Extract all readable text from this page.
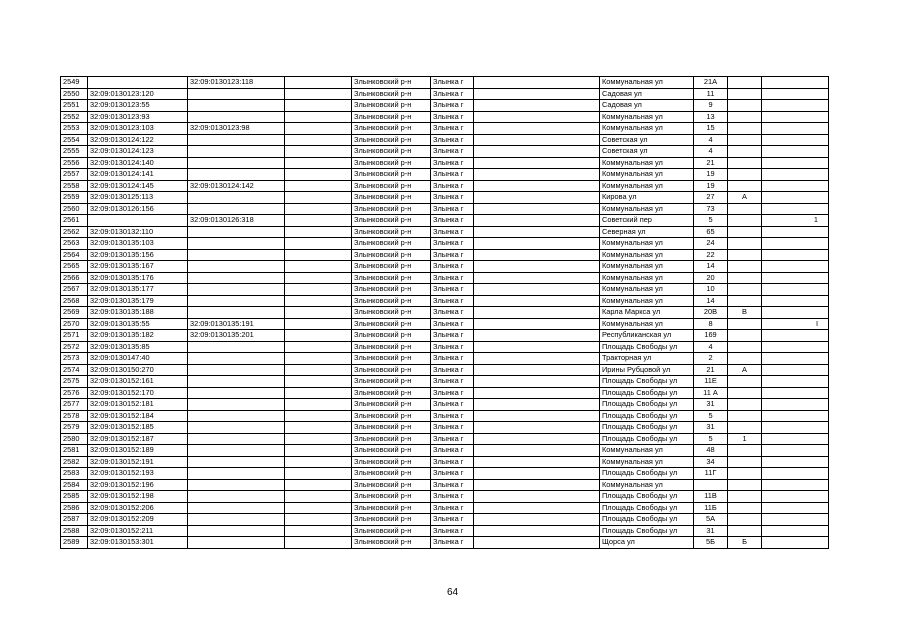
2549		32:09:0130123:118		Злынковский р-н	Злынка г		Коммунальная ул	21А		
2550	32:09:0130123:120			Злынковский р-н	Злынка г		Садовая ул	11		
2551	32:09:0130123:55			Злынковский р-н	Злынка г		Садовая ул	9		
2552	32:09:0130123:93			Злынковский р-н	Злынка г		Коммунальная ул	13		
2553	32:09:0130123:103	32:09:0130123:98		Злынковский р-н	Злынка г		Коммунальная ул	15		
2554	32:09:0130124:122			Злынковский р-н	Злынка г		Советская ул	4		
2555	32:09:0130124:123			Злынковский р-н	Злынка г		Советская ул	4		
2556	32:09:0130124:140			Злынковский р-н	Злынка г		Коммунальная ул	21		
2557	32:09:0130124:141			Злынковский р-н	Злынка г		Коммунальная ул	19		
2558	32:09:0130124:145	32:09:0130124:142		Злынковский р-н	Злынка г		Коммунальная ул	19		
2559	32:09:0130125:113			Злынковский р-н	Злынка г		Кирова ул	27	А	
2560	32:09:0130126:156			Злынковский р-н	Злынка г		Коммунальная ул	73		
2561		32:09:0130126:318		Злынковский р-н	Злынка г		Советский пер	5		1
2562	32:09:0130132:110			Злынковский р-н	Злынка г		Северная ул	65		
2563	32:09:0130135:103			Злынковский р-н	Злынка г		Коммунальная ул	24		
2564	32:09:0130135:156			Злынковский р-н	Злынка г		Коммунальная ул	22		
2565	32:09:0130135:167			Злынковский р-н	Злынка г		Коммунальная ул	14		
2566	32:09:0130135:176			Злынковский р-н	Злынка г		Коммунальная ул	20		
2567	32:09:0130135:177			Злынковский р-н	Злынка г		Коммунальная ул	10		
2568	32:09:0130135:179			Злынковский р-н	Злынка г		Коммунальная ул	14		
2569	32:09:0130135:188			Злынковский р-н	Злынка г		Карла Маркса ул	20В	В	
2570	32:09:0130135:55	32:09:0130135:191		Злынковский р-н	Злынка г		Коммунальная ул	8		I
2571	32:09:0130135:182	32:09:0130135:201		Злынковский р-н	Злынка г		Республиканская ул	169		
2572	32:09:0130135:85			Злынковский р-н	Злынка г		Площадь Свободы ул	4		
2573	32:09:0130147:40			Злынковский р-н	Злынка г		Тракторная ул	2		
2574	32:09:0130150:270			Злынковский р-н	Злынка г		Ирины Рубцовой ул	21	А	
2575	32:09:0130152:161			Злынковский р-н	Злынка г		Площадь Свободы ул	11Е		
2576	32:09:0130152:170			Злынковский р-н	Злынка г		Площадь Свободы ул	11 А		
2577	32:09:0130152:181			Злынковский р-н	Злынка г		Площадь Свободы ул	31		
2578	32:09:0130152:184			Злынковский р-н	Злынка г		Площадь Свободы ул	5		
2579	32:09:0130152:185			Злынковский р-н	Злынка г		Площадь Свободы ул	31		
2580	32:09:0130152:187			Злынковский р-н	Злынка г		Площадь Свободы ул	5	1	
2581	32:09:0130152:189			Злынковский р-н	Злынка г		Коммунальная ул	48		
2582	32:09:0130152:191			Злынковский р-н	Злынка г		Коммунальная ул	34		
2583	32:09:0130152:193			Злынковский р-н	Злынка г		Площадь Свободы ул	11Г		
2584	32:09:0130152:196			Злынковский р-н	Злынка г		Коммунальная ул			
2585	32:09:0130152:198			Злынковский р-н	Злынка г		Площадь Свободы ул	11В		
2586	32:09:0130152:206			Злынковский р-н	Злынка г		Площадь Свободы ул	11Б		
2587	32:09:0130152:209			Злынковский р-н	Злынка г		Площадь Свободы ул	5А		
2588	32:09:0130152:211			Злынковский р-н	Злынка г		Площадь Свободы ул	31		
2589	32:09:0130153:301			Злынковский р-н	Злынка г		Щорса ул	5Б	Б	
64
